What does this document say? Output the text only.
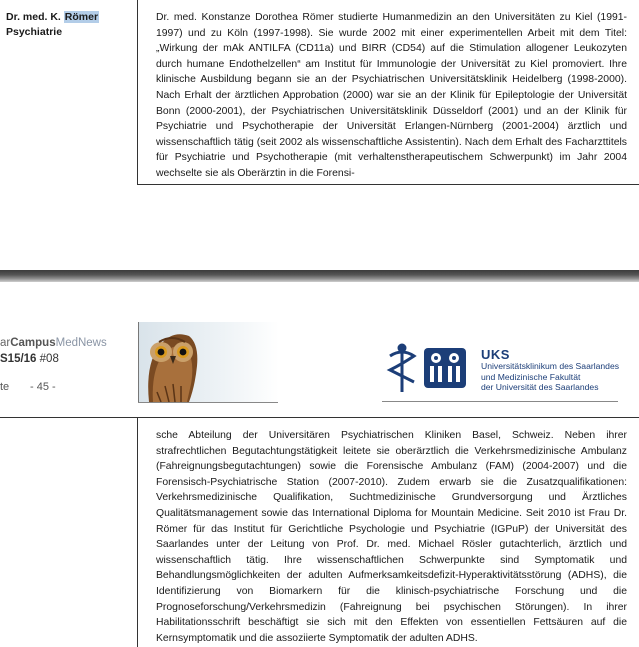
Dr. med. K. Römer
Psychiatrie
Dr. med. Konstanze Dorothea Römer studierte Humanmedizin an den Universitäten zu Kiel (1991-1997) und zu Köln (1997-1998). Sie wurde 2002 mit einer experimentellen Arbeit mit dem Titel: „Wirkung der mAk ANTILFA (CD11a) und BIRR (CD54) auf die Stimulation allogener Leukozyten durch humane Endothelzellen“ am Institut für Immunologie der Universität zu Kiel promoviert. Ihre klinische Ausbildung begann sie an der Psychiatrischen Universitätsklinik Heidelberg (1998-2000). Nach Erhalt der ärztlichen Approbation (2000) war sie an der Klinik für Epileptologie der Universität Bonn (2000-2001), der Psychiatrischen Universitätsklinik Düsseldorf (2001) und an der Klinik für Psychiatrie und Psychotherapie der Universität Erlangen-Nürnberg (2001-2004) ärztlich und wissenschaftlich tätig (seit 2002 als wissenschaftliche Assistentin). Nach dem Erhalt des Facharzttitels für Psychiatrie und Psychotherapie (mit verhaltenstherapeutischem Schwerpunkt) im Jahr 2004 wechselte sie als Oberärztin in die Forensi-
arCampusMedNews
S15/16 #08
te - 45 -
UKS
Universitätsklinikum des Saarlandes
und Medizinische Fakultät
der Universität des Saarlandes
sche Abteilung der Universitären Psychiatrischen Kliniken Basel, Schweiz. Neben ihrer strafrechtlichen Begutachtungstätigkeit leitete sie oberärztlich die Verkehrsmedizinische Ambulanz (Fahreignungsbegutachtungen) sowie die Forensische Ambulanz (FAM) (2004-2007) und die Forensisch-Psychiatrische Station (2007-2010). Zudem erwarb sie die Zusatzqualifikationen: Verkehrsmedizinische Qualifikation, Suchtmedizinische Grundversorgung und Ärztliches Qualitätsmanagement sowie das International Diploma for Mountain Medicine. Seit 2010 ist Frau Dr. Römer für das Institut für Gerichtliche Psychologie und Psychiatrie (IGPuP) der Universität des Saarlandes unter der Leitung von Prof. Dr. med. Michael Rösler gutachterlich, ärztlich und wissenschaftlich tätig. Ihre wissenschaftlichen Schwerpunkte sind Symptomatik und Behandlungsmöglichkeiten der adulten Aufmerksamkeitsdefizit-Hyperaktivitätsstörung (ADHS), die Identifizierung von Biomarkern für die klinisch-psychiatrische Forschung und die Prognoseforschung/Verkehrsmedizin (Fahreignung bei psychischen Störungen). In ihrer Habilitationsschrift beschäftigt sie sich mit den Effekten von essentiellen Fettsäuren auf die Kernsymptomatik und die assoziierte Symptomatik der adulten ADHS.
